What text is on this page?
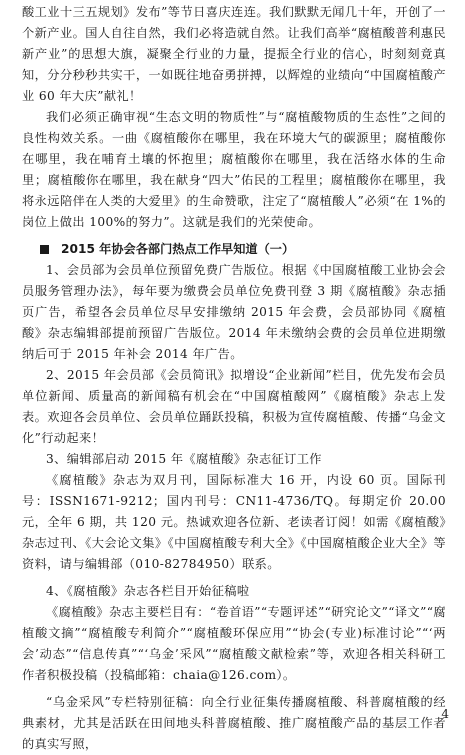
酸工业十三五规划》发布”等节日喜庆连连。我们默默无闻几十年，开创了一个新产业。国人自往自然，我们必将造就自然。让我们高举“腐植酸普利惠民新产业”的思想大旗，凝聚全行业的力量，提振全行业的信心，时刻刻竟真知，分分秒秒共实干，一如既往地奋勇拼搏，以辉煌的业绩向“中国腐植酸产业 60 年大庆”献礼！

我们必须正确审视“生态文明的物质性”与“腐植酸物质的生态性”之间的良性构效关系。一曲《腐植酸你在哪里，我在环境大气的碳源里；腐植酸你在哪里，我在哺育土壤的怀抱里；腐植酸你在哪里，我在活络水体的生命里；腐植酸你在哪里，我在献身“四大”佑民的工程里；腐植酸你在哪里，我将永远陪伴在人类的大爱里》的生命赞歌，注定了“腐植酸人”必须“在 1%的岗位上做出 100%的努力”。这就是我们的光荣使命。

2015 年协会各部门热点工作早知道（一）

1、会员部为会员单位预留免费广告版位。根据《中国腐植酸工业协会会员服务管理办法》，每年要为缴费会员单位免费刊登 3 期《腐植酸》杂志插页广告，希望各会员单位尽早安排缴纳 2015 年会费，会员部协同《腐植酸》杂志编辑部提前预留广告版位。2014 年未缴纳会费的会员单位进期缴纳后可于 2015 年补会 2014 年广告。

2、2015 年会员部《会员简讯》拟增设“企业新闻”栏目，优先发布会员单位新闻、质量高的新闻稿有机会在“中国腐植酸网”《腐植酸》杂志上发表。欢迎各会员单位、会员单位踊跃投稿，积极为宣传腐植酸、传播“乌金文化”行动起来！

3、编辑部启动 2015 年《腐植酸》杂志征订工作

《腐植酸》杂志为双月刊，国际标准大 16 开，内设 60 页。国际刊号：ISSN1671-9212；国内刊号：CN11-4736/TQ。每期定价 20.00 元，全年 6 期，共 120 元。热诚欢迎各位新、老读者订阅！如需《腐植酸》杂志过刊、《大会论文集》《中国腐植酸专利大全》《中国腐植酸企业大全》等资料，请与编辑部（010-82784950）联系。

4、《腐植酸》杂志各栏目开始征稿啦

《腐植酸》杂志主要栏目有：“卷首语”“专题评述”“研究论文”“译文”“腐植酸文摘”“腐植酸专利简介”“腐植酸环保应用”“协会(专业)标准讨论”“‘两会’动态”“信息传真”“‘乌金’采风”“腐植酸文献检索”等，欢迎各相关科研工作者积极投稿（投稿邮箱：chaia@126.com）。

“乌金采风”专栏特别征稿：向全行业征集传播腐植酸、科普腐植酸的经典素材，尤其是活跃在田间地头科普腐植酸、推广腐植酸产品的基层工作者的真实写照，

4
